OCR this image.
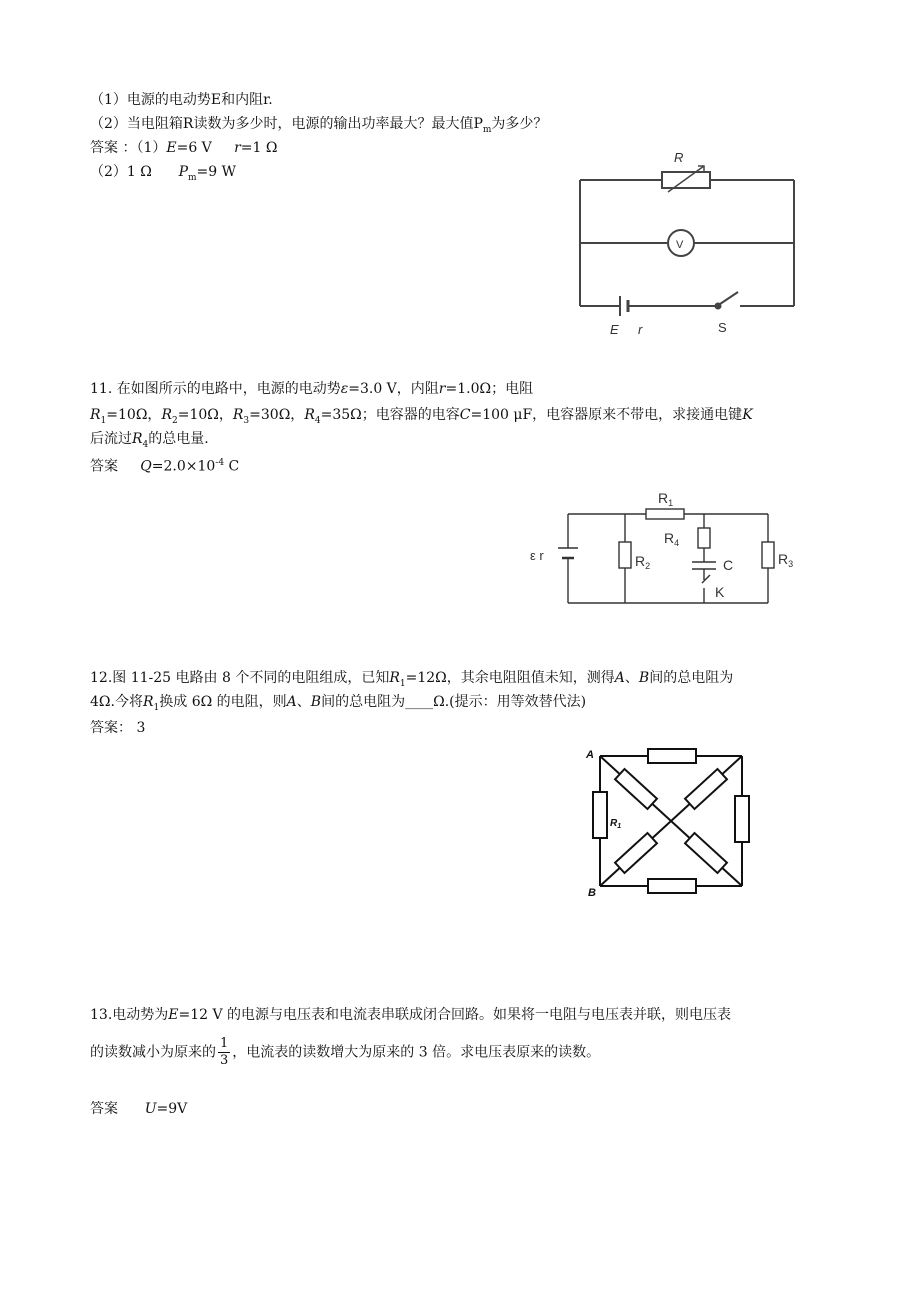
（1）电源的电动势E和内阻r.
（2）当电阻箱R读数为多少时，电源的输出功率最大？最大值$P_m$为多少？
答案 ：（1）E=6 V r=1 Ω
（2）1 Ω $P_m=9$ W
R
V
E r	S
11. 在如图所示的电路中，电源的电动势ε=3.0 V，内阻r=1.0Ω；电阻
$R_1=10\Omega$，$R_2=10\Omega$，$R_3=30\Omega$，$R_4=35\Omega$；电容器的电容C=100 μF，电容器原来不带电，求接通电键K
后流过$R_4$的总电量.
答案 $Q=2.0\times 10^{-4}$ C
$R_1$
$R_4$
$R_2$	$R_3$
C
K
ε r
12.图 11-25 电路由 8 个不同的电阻组成，已知$R_1=12\Omega$，其余电阻阻值未知，测得A、B间的总电阻为
4Ω.今将$R_1$换成 6Ω 的电阻，则A、B间的总电阻为____Ω.(提示：用等效替代法)
答案： 3
A
B
$R_1$
13.电动势为E=12 V 的电源与电压表和电流表串联成闭合回路。如果将一电阻与电压表并联，则电压表
的读数减小为原来的 $\frac{1}{3}$ ，电流表的读数增大为原来的 3 倍。求电压表原来的读数。
答案 U=9V
